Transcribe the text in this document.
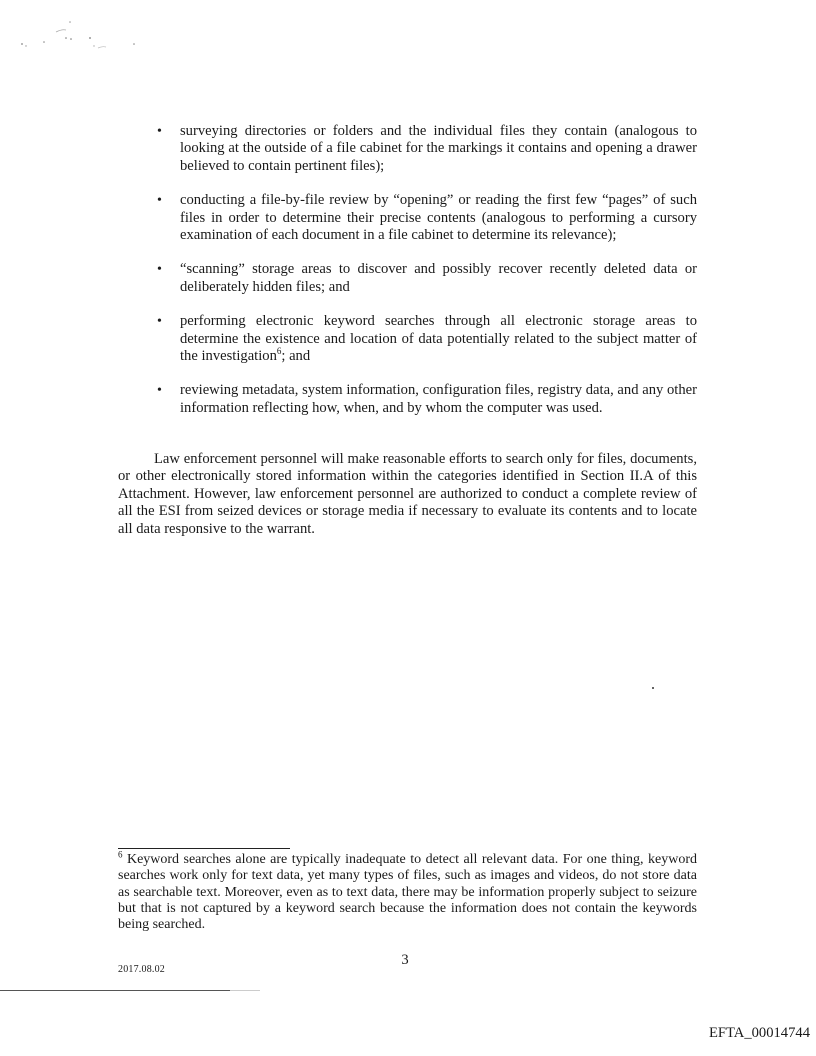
• surveying directories or folders and the individual files they contain (analogous to looking at the outside of a file cabinet for the markings it contains and opening a drawer believed to contain pertinent files);
• conducting a file-by-file review by “opening” or reading the first few “pages” of such files in order to determine their precise contents (analogous to performing a cursory examination of each document in a file cabinet to determine its relevance);
• “scanning” storage areas to discover and possibly recover recently deleted data or deliberately hidden files; and
• performing electronic keyword searches through all electronic storage areas to determine the existence and location of data potentially related to the subject matter of the investigation$^6$; and
• reviewing metadata, system information, configuration files, registry data, and any other information reflecting how, when, and by whom the computer was used.

Law enforcement personnel will make reasonable efforts to search only for files, documents, or other electronically stored information within the categories identified in Section II.A of this Attachment. However, law enforcement personnel are authorized to conduct a complete review of all the ESI from seized devices or storage media if necessary to evaluate its contents and to locate all data responsive to the warrant.

$^6$ Keyword searches alone are typically inadequate to detect all relevant data. For one thing, keyword searches work only for text data, yet many types of files, such as images and videos, do not store data as searchable text. Moreover, even as to text data, there may be information properly subject to seizure but that is not captured by a keyword search because the information does not contain the keywords being searched.

3
2017.08.02
EFTA_00014744
